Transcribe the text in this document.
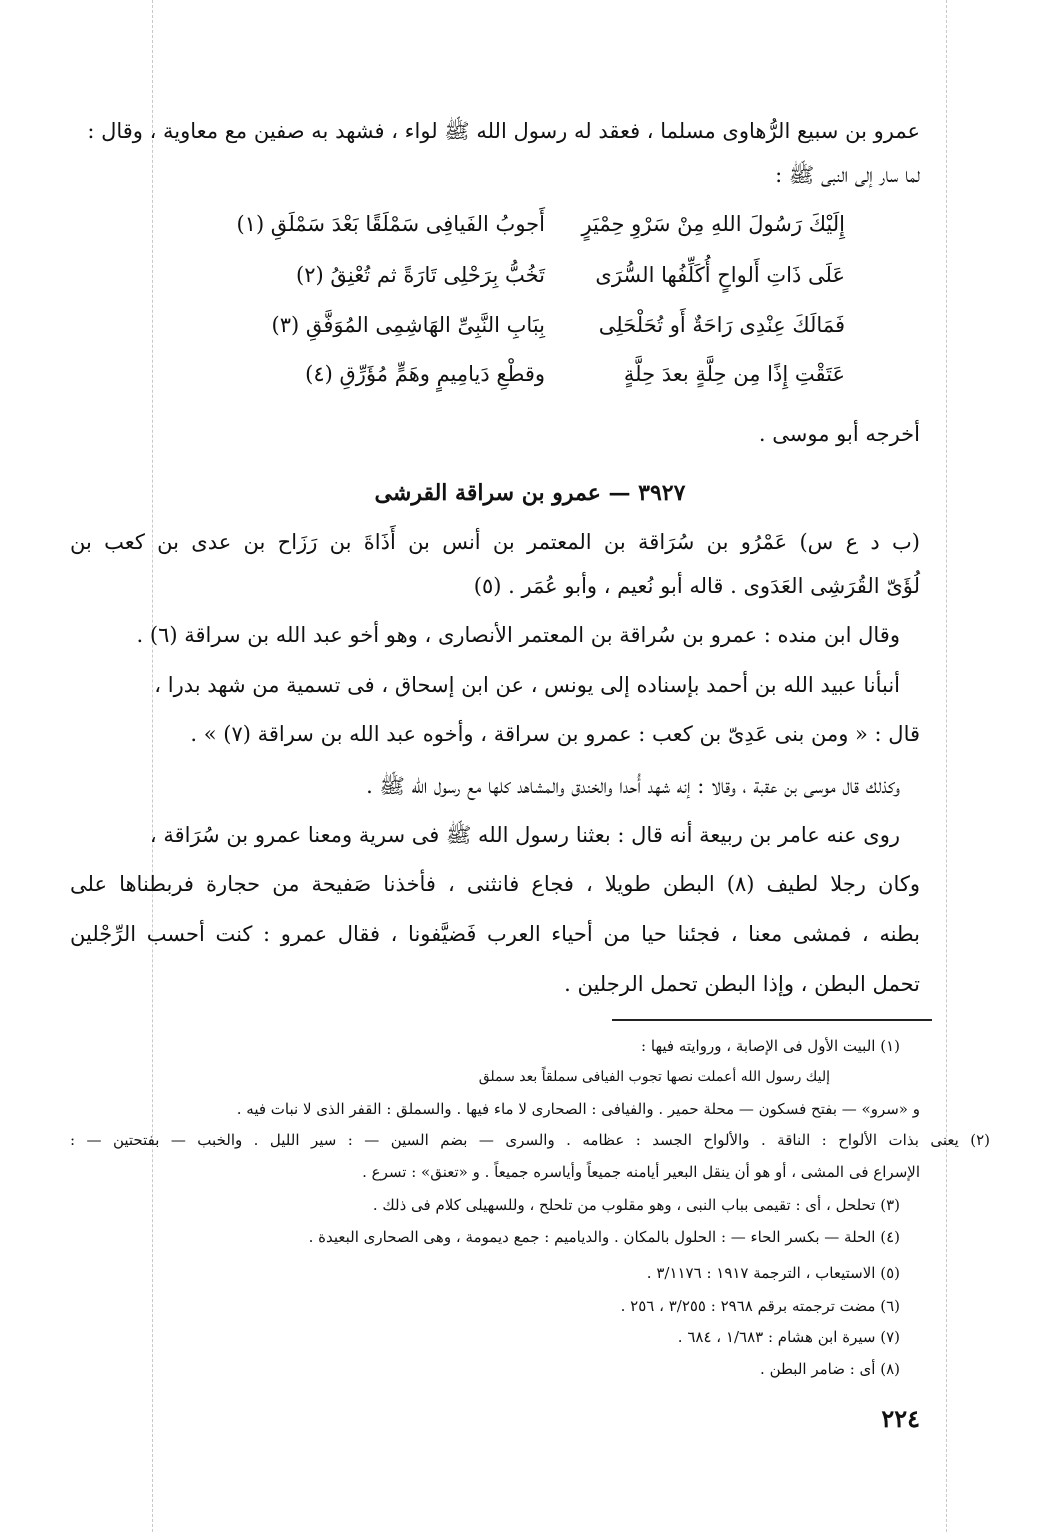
عمرو بن سبيع الرُّهاوى مسلما ، فعقد له رسول الله ﷺ لواء ، فشهد به صفين مع معاوية ، وقال :
لما سار إلى النبى ﷺ :
إِلَيْكَ رَسُولَ اللهِ مِنْ سَرْوِ حِمْيَرٍ
أَجوبُ الفَيافِى سَمْلَقًا بَعْدَ سَمْلَقِ (١)
عَلَى ذَاتِ أَلواحٍ أُكَلِّفُها السُّرَى
تَخُبُّ بِرَحْلِى تَارَةً ثم تُعْنِقُ (٢)
فَمَالَكَ عِنْدِى رَاحَةٌ أَو تُحَلْحَلِى
بِبَابِ النَّبِىِّ الهَاشِمِى المُوَفَّقِ (٣)
عَتَقْتِ إِذًا مِن حِلَّةٍ بعدَ حِلَّةٍ
وقطْعِ دَيامِيمٍ وهَمٍّ مُؤَرِّقِ (٤)
أخرجه أبو موسى .
٣٩٢٧ — عمرو بن سراقة القرشى
(ب د ع س) عَمْرُو بن سُرَاقة بن المعتمر بن أنس بن أَذَاةَ بن رَزَاح بن عدى بن كعب بن
لُؤَىّ القُرَشِى العَدَوى . قاله أبو نُعيم ، وأبو عُمَر . (٥)
وقال ابن منده : عمرو بن سُراقة بن المعتمر الأنصارى ، وهو أخو عبد الله بن سراقة (٦) .
أنبأنا عبيد الله بن أحمد بإسناده إلى يونس ، عن ابن إسحاق ، فى تسمية من شهد بدرا ،
قال : « ومن بنى عَدِىّ بن كعب : عمرو بن سراقة ، وأخوه عبد الله بن سراقة (٧) » .
وكذلك قال موسى بن عقبة ، وقالا : إنه شهد أُحدا والخندق والمشاهد كلها مع رسول الله ﷺ .
روى عنه عامر بن ربيعة أنه قال : بعثنا رسول الله ﷺ فى سرية ومعنا عمرو بن سُرَاقة ،
وكان رجلا لطيف (٨) البطن طويلا ، فجاع فانثنى ، فأخذنا صَفيحة من حجارة فربطناها على
بطنه ، فمشى معنا ، فجئنا حيا من أحياء العرب فَضيَّفونا ، فقال عمرو : كنت أحسب الرِّجْلين
تحمل البطن ، وإذا البطن تحمل الرجلين .
(١) البيت الأول فى الإصابة ، وروايته فيها :
إليك رسول الله أعملت نصها تجوب الفيافى سملقاً بعد سملق
و «سرو» — بفتح فسكون — محلة حمير . والفيافى : الصحارى لا ماء فيها . والسملق : القفر الذى لا نبات فيه .
(٢) يعنى بذات الألواح : الناقة . والألواح الجسد : عظامه . والسرى — بضم السين — : سير الليل . والخبب — بفتحتين — :
الإسراع فى المشى ، أو هو أن ينقل البعير أيامنه جميعاً وأياسره جميعاً . و «تعنق» : تسرع .
(٣) تحلحل ، أى : تقيمى بباب النبى ، وهو مقلوب من تلحلح ، وللسهيلى كلام فى ذلك .
(٤) الحلة — بكسر الحاء — : الحلول بالمكان . والدياميم : جمع ديمومة ، وهى الصحارى البعيدة .
(٥) الاستيعاب ، الترجمة ١٩١٧ : ٣/١١٧٦ .
(٦) مضت ترجمته برقم ٢٩٦٨ : ٣/٢٥٥ ، ٢٥٦ .
(٧) سيرة ابن هشام : ١/٦٨٣ ، ٦٨٤ .
(٨) أى : ضامر البطن .
٢٢٤
